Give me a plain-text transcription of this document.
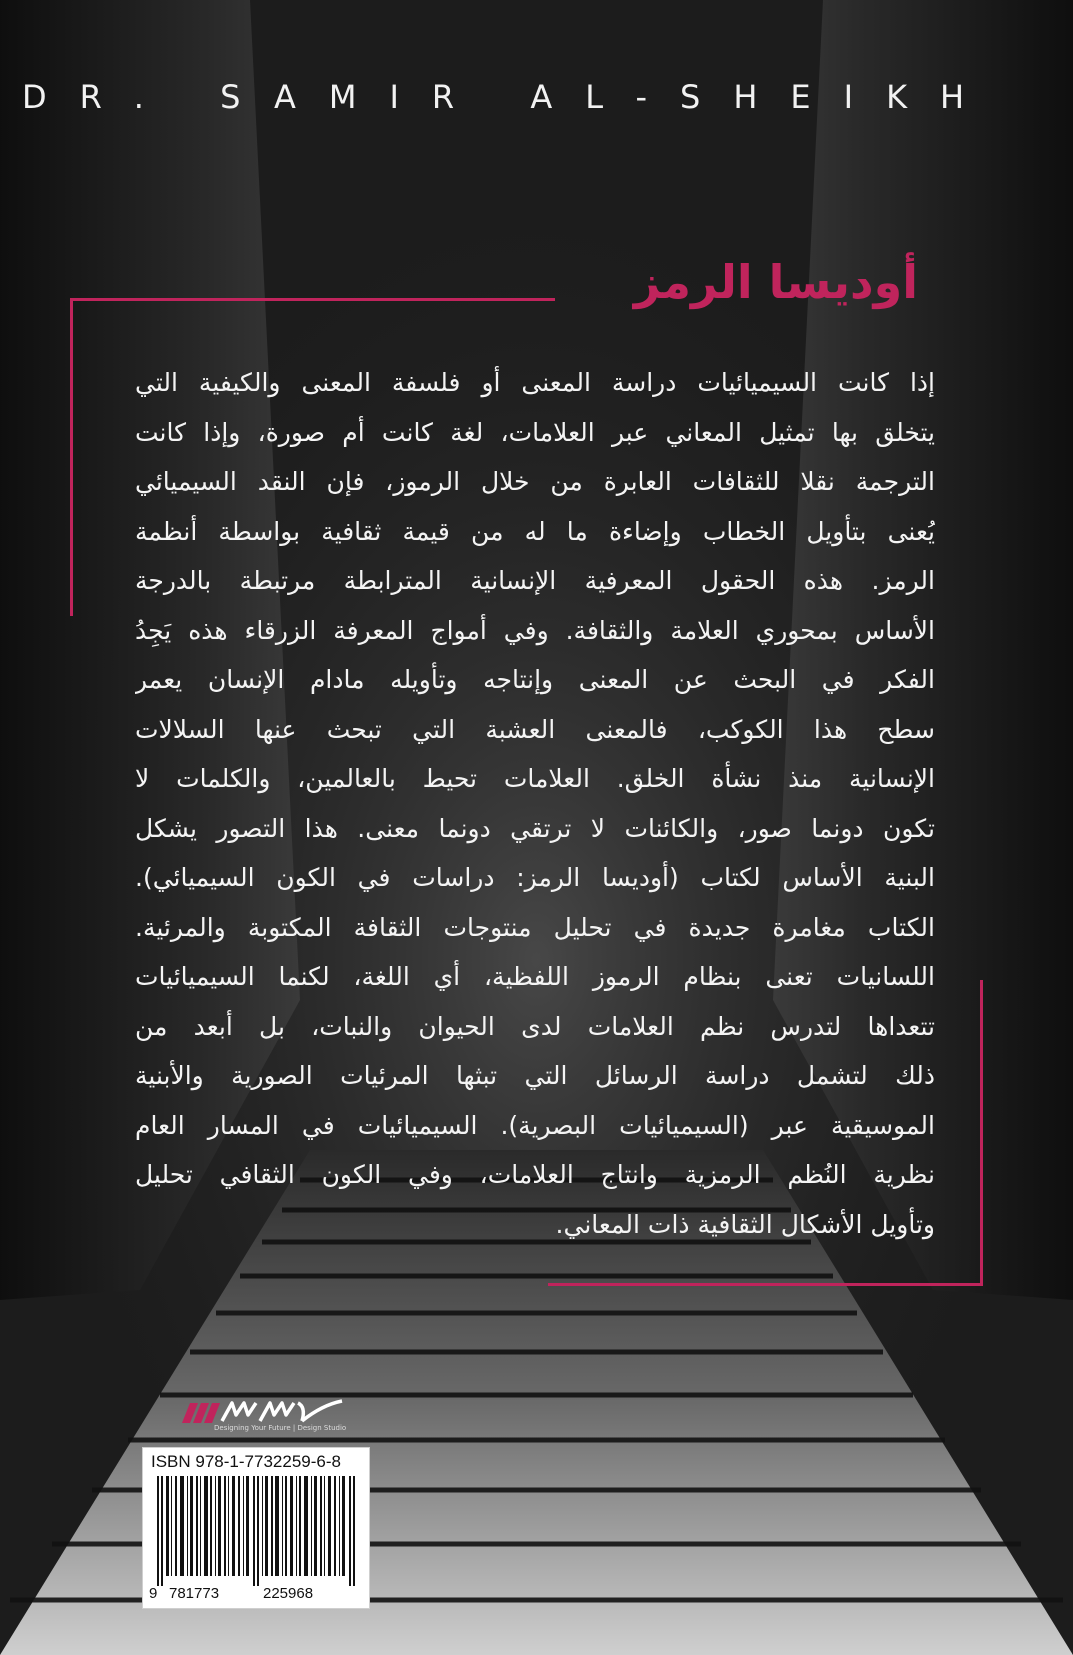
DR. SAMIR AL-SHEIKH
أوديسا الرمز
إذا كانت السيميائيات دراسة المعنى أو فلسفة المعنى والكيفية التي
يتخلق بها تمثيل المعاني عبر العلامات، لغة كانت أم صورة، وإذا كانت
الترجمة نقلا للثقافات العابرة من خلال الرموز، فإن النقد السيميائي
يُعنى بتأويل الخطاب وإضاءة ما له من قيمة ثقافية بواسطة أنظمة
الرمز. هذه الحقول المعرفية الإنسانية المترابطة مرتبطة بالدرجة
الأساس بمحوري العلامة والثقافة. وفي أمواج المعرفة الزرقاء هذه يَجِدُ
الفكر في البحث عن المعنى وإنتاجه وتأويله مادام الإنسان يعمر
سطح هذا الكوكب، فالمعنى العشبة التي تبحث عنها السلالات
الإنسانية منذ نشأة الخلق. العلامات تحيط بالعالمين، والكلمات لا
تكون دونما صور، والكائنات لا ترتقي دونما معنى. هذا التصور يشكل
البنية الأساس لكتاب (أوديسا الرمز: دراسات في الكون السيميائي).
الكتاب مغامرة جديدة في تحليل منتوجات الثقافة المكتوبة والمرئية.
اللسانيات تعنى بنظام الرموز اللفظية، أي اللغة، لكنما السيميائيات
تتعداها لتدرس نظم العلامات لدى الحيوان والنبات، بل أبعد من
ذلك لتشمل دراسة الرسائل التي تبثها المرئيات الصورية والأبنية
الموسيقية عبر (السيميائيات البصرية). السيميائيات في المسار العام
نظرية النُظم الرمزية وانتاج العلامات، وفي الكون الثقافي تحليل
وتأويل الأشكال الثقافية ذات المعاني.
Designing Your Future | Design Studio
ISBN 978-1-7732259-6-8
9 781773	225968
